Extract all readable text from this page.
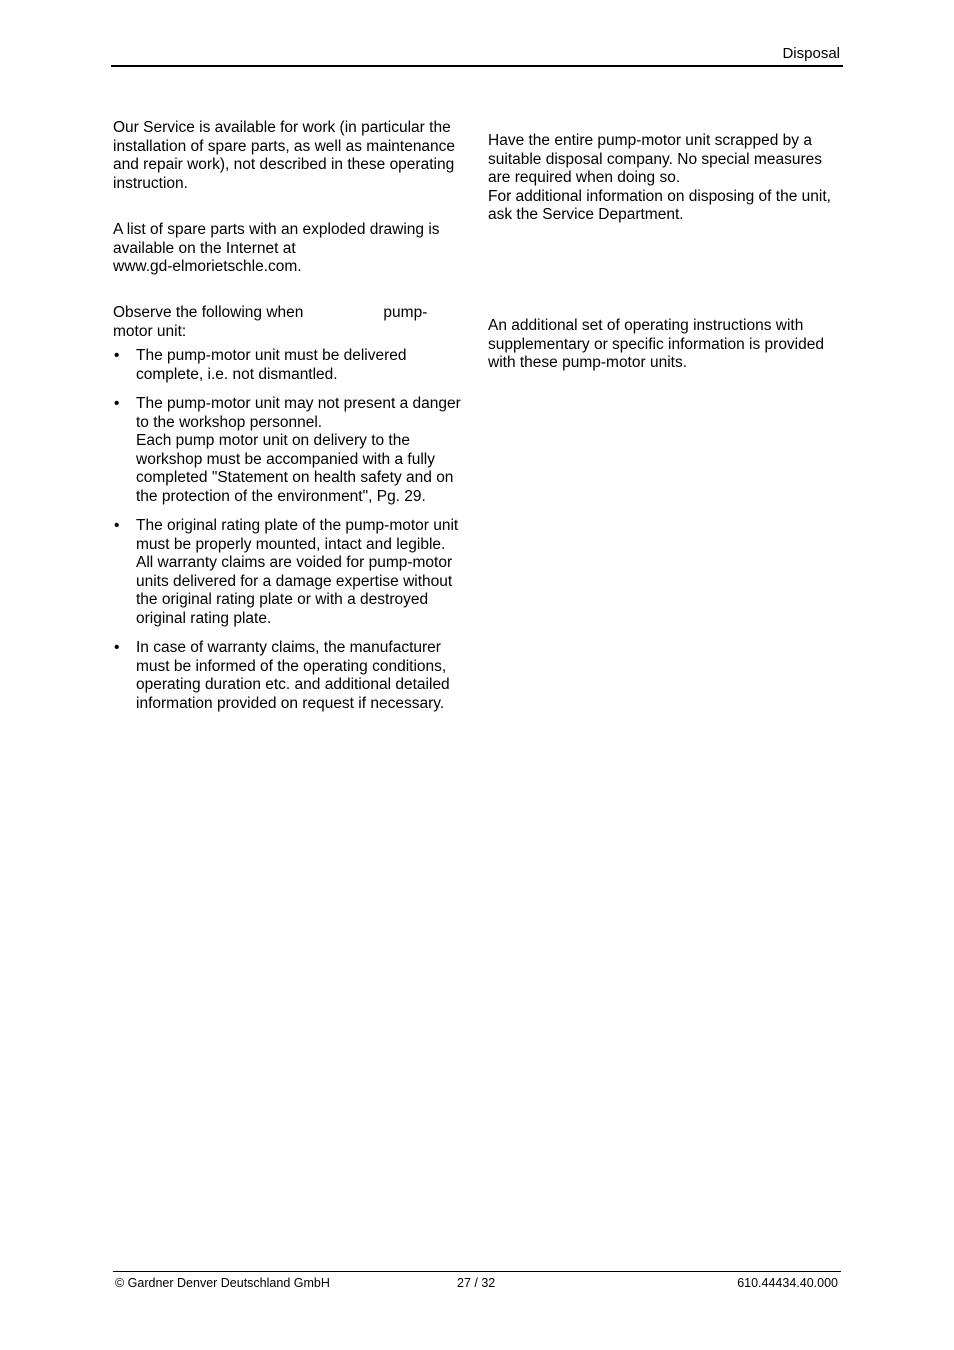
Disposal

Our Service is available for work (in particular the installation of spare parts, as well as maintenance and repair work), not described in these operating instruction.

A list of spare parts with an exploded drawing is available on the Internet at

www.gd-elmorietschle.com.

Observe the following when	pump-
motor unit:

• The pump-motor unit must be delivered complete, i.e. not dismantled.
• The pump-motor unit may not present a danger to the workshop personnel.
Each pump motor unit on delivery to the workshop must be accompanied with a fully completed "Statement on health safety and on the protection of the environment", Pg. 29.
• The original rating plate of the pump-motor unit must be properly mounted, intact and legible.
All warranty claims are voided for pump-motor units delivered for a damage expertise without the original rating plate or with a destroyed original rating plate.
• In case of warranty claims, the manufacturer must be informed of the operating conditions, operating duration etc. and additional detailed information provided on request if necessary.

Have the entire pump-motor unit scrapped by a suitable disposal company. No special measures are required when doing so.

For additional information on disposing of the unit, ask the Service Department.

An additional set of operating instructions with supplementary or specific information is provided with these pump-motor units.

© Gardner Denver Deutschland GmbH	27 / 32	610.44434.40.000
